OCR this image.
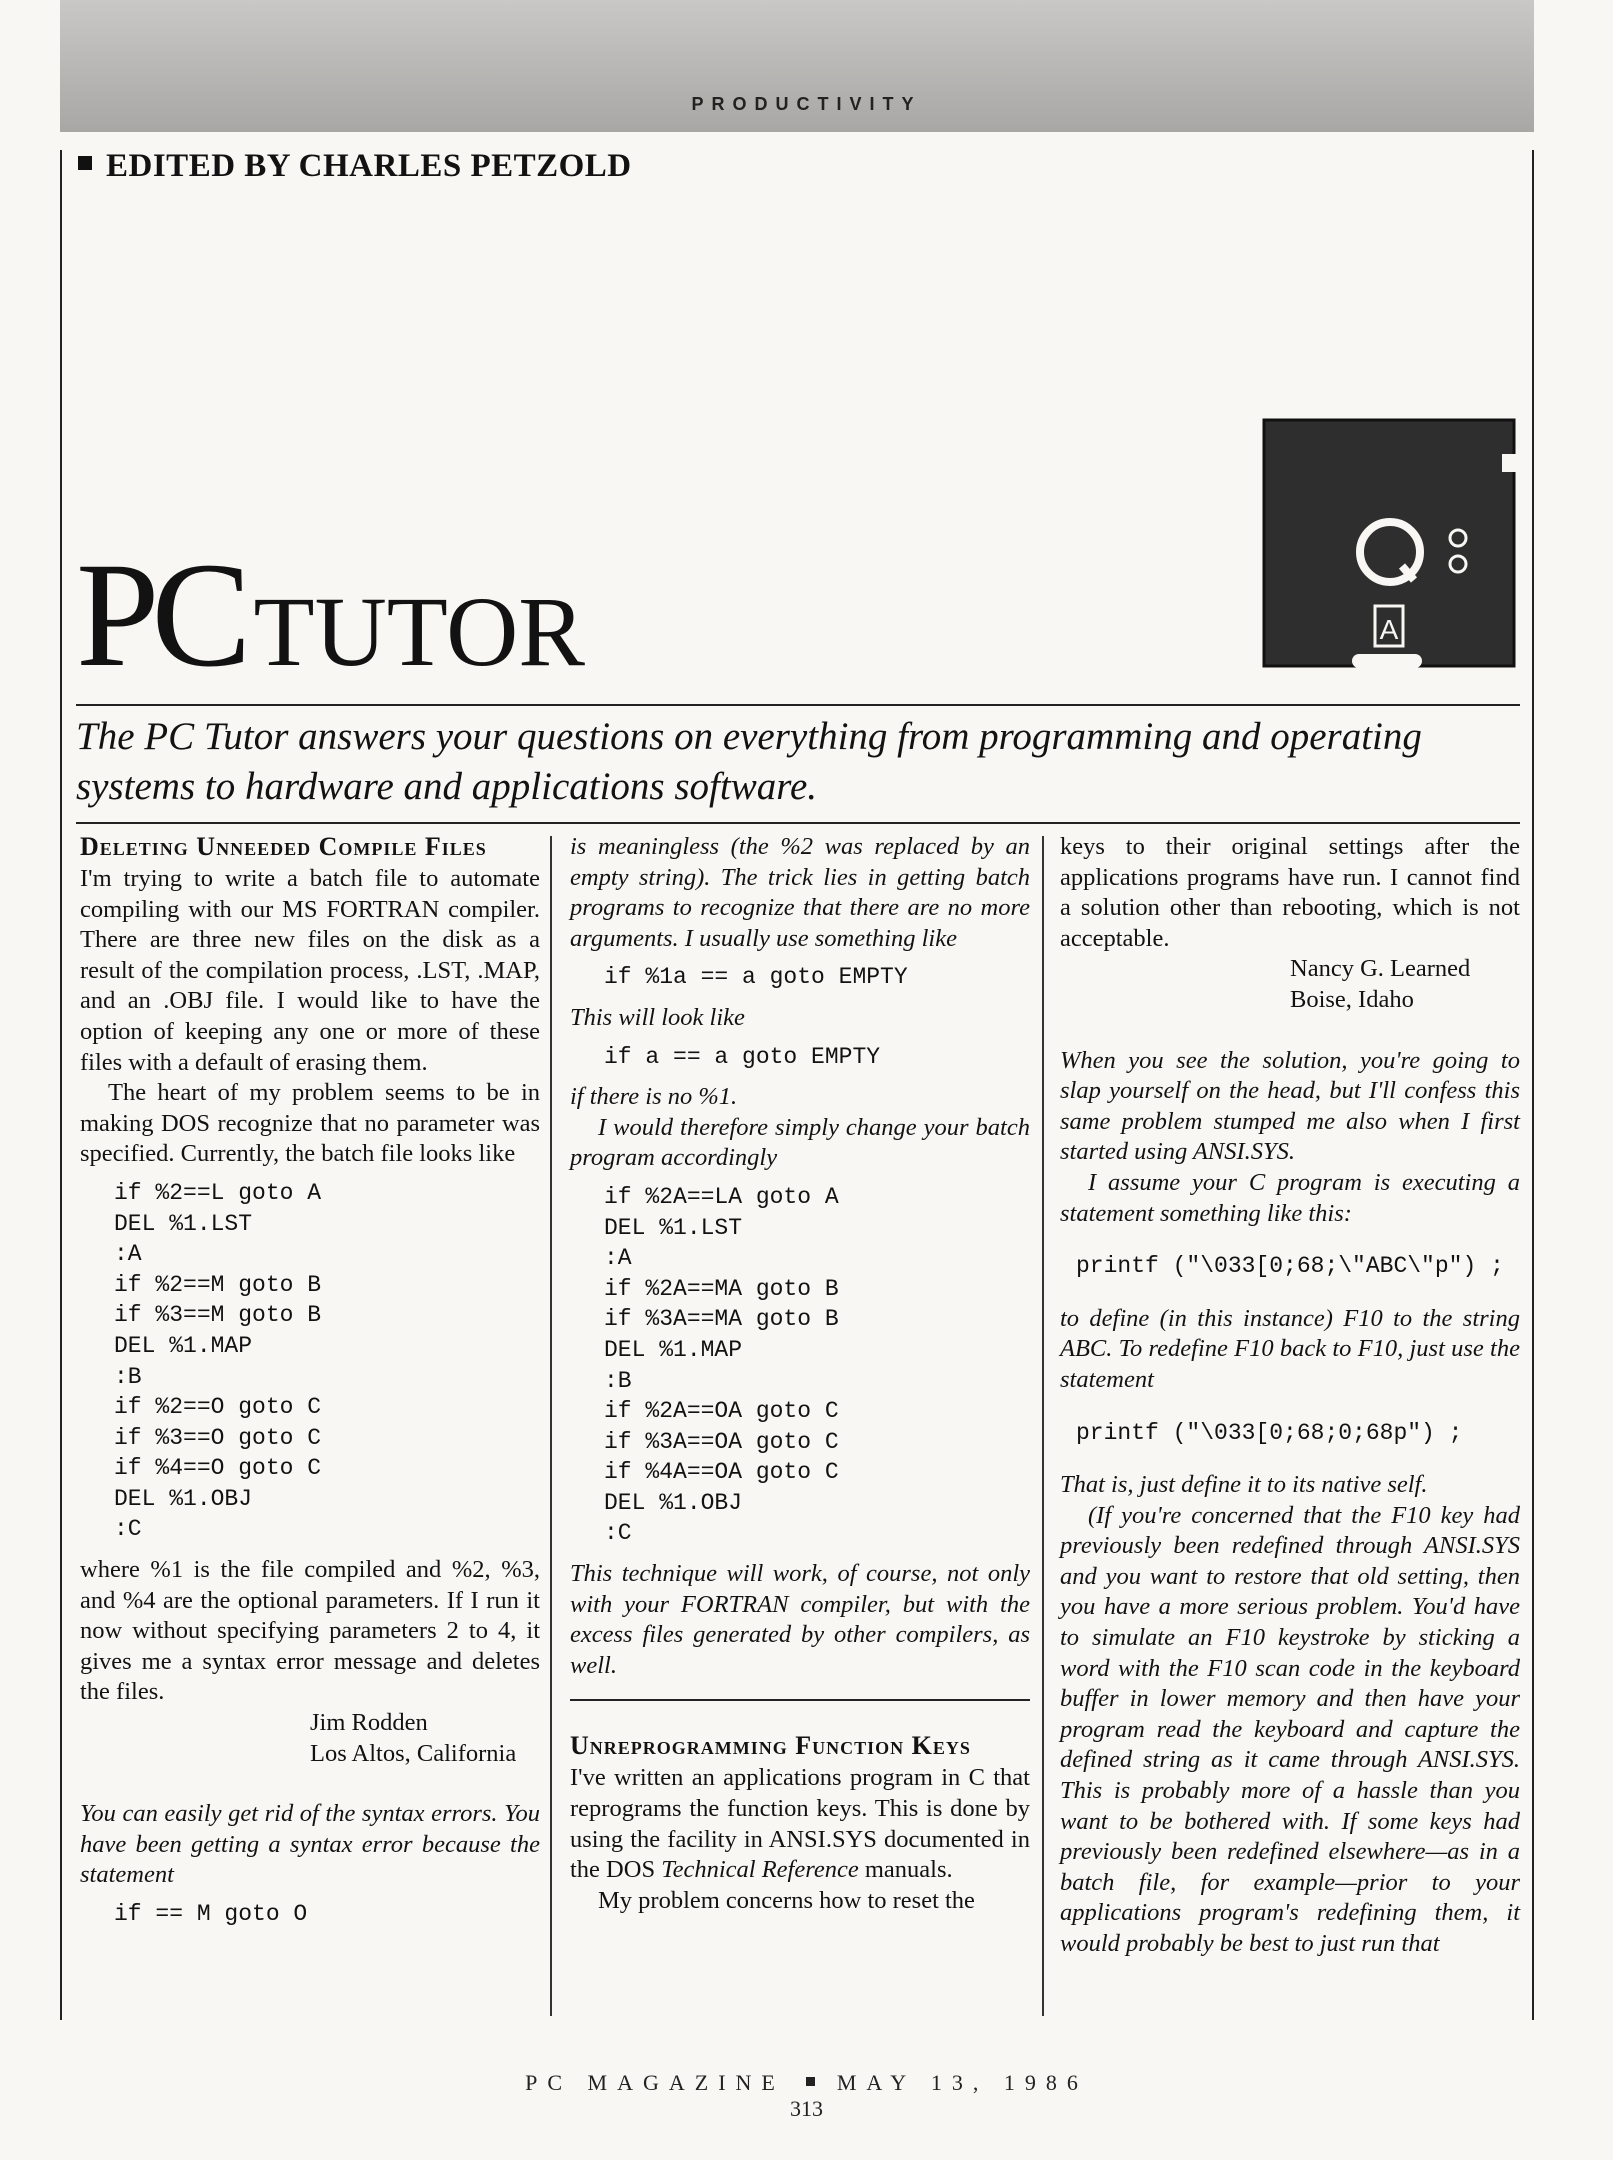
PRODUCTIVITY
EDITED BY CHARLES PETZOLD
PC TUTOR
Q
A
The PC Tutor answers your questions on everything from programming and operating systems to hardware and applications software.
Deleting Unneeded Compile Files

I'm trying to write a batch file to automate compiling with our MS FORTRAN compiler. There are three new files on the disk as a result of the compilation process, .LST, .MAP, and an .OBJ file. I would like to have the option of keeping any one or more of these files with a default of erasing them.

The heart of my problem seems to be in making DOS recognize that no parameter was specified. Currently, the batch file looks like

if %2==L goto A
DEL %1.LST
:A
if %2==M goto B
if %3==M goto B
DEL %1.MAP
:B
if %2==O goto C
if %3==O goto C
if %4==O goto C
DEL %1.OBJ
:C

where %1 is the file compiled and %2, %3, and %4 are the optional parameters. If I run it now without specifying parameters 2 to 4, it gives me a syntax error message and deletes the files.

Jim Rodden
Los Altos, California

You can easily get rid of the syntax errors. You have been getting a syntax error because the statement

if == M goto O

is meaningless (the %2 was replaced by an empty string). The trick lies in getting batch programs to recognize that there are no more arguments. I usually use something like

if %1a == a goto EMPTY

This will look like

if a == a goto EMPTY

if there is no %1.

I would therefore simply change your batch program accordingly

if %2A==LA goto A
DEL %1.LST
:A
if %2A==MA goto B
if %3A==MA goto B
DEL %1.MAP
:B
if %2A==OA goto C
if %3A==OA goto C
if %4A==OA goto C
DEL %1.OBJ
:C

This technique will work, of course, not only with your FORTRAN compiler, but with the excess files generated by other compilers, as well.

Unreprogramming Function Keys

I've written an applications program in C that reprograms the function keys. This is done by using the facility in ANSI.SYS documented in the DOS Technical Reference manuals.

My problem concerns how to reset the

keys to their original settings after the applications programs have run. I cannot find a solution other than rebooting, which is not acceptable.

Nancy G. Learned
Boise, Idaho

When you see the solution, you're going to slap yourself on the head, but I'll confess this same problem stumped me also when I first started using ANSI.SYS.

I assume your C program is executing a statement something like this:

printf ("\033[0;68;\"ABC\"p") ;

to define (in this instance) F10 to the string ABC. To redefine F10 back to F10, just use the statement

printf ("\033[0;68;0;68p") ;

That is, just define it to its native self.

(If you're concerned that the F10 key had previously been redefined through ANSI.SYS and you want to restore that old setting, then you have a more serious problem. You'd have to simulate an F10 keystroke by sticking a word with the F10 scan code in the keyboard buffer in lower memory and then have your program read the keyboard and capture the defined string as it came through ANSI.SYS. This is probably more of a hassle than you want to be bothered with. If some keys had previously been redefined elsewhere—as in a batch file, for example—prior to your applications program's redefining them, it would probably be best to just run that

PC MAGAZINE MAY 13, 1986
313
